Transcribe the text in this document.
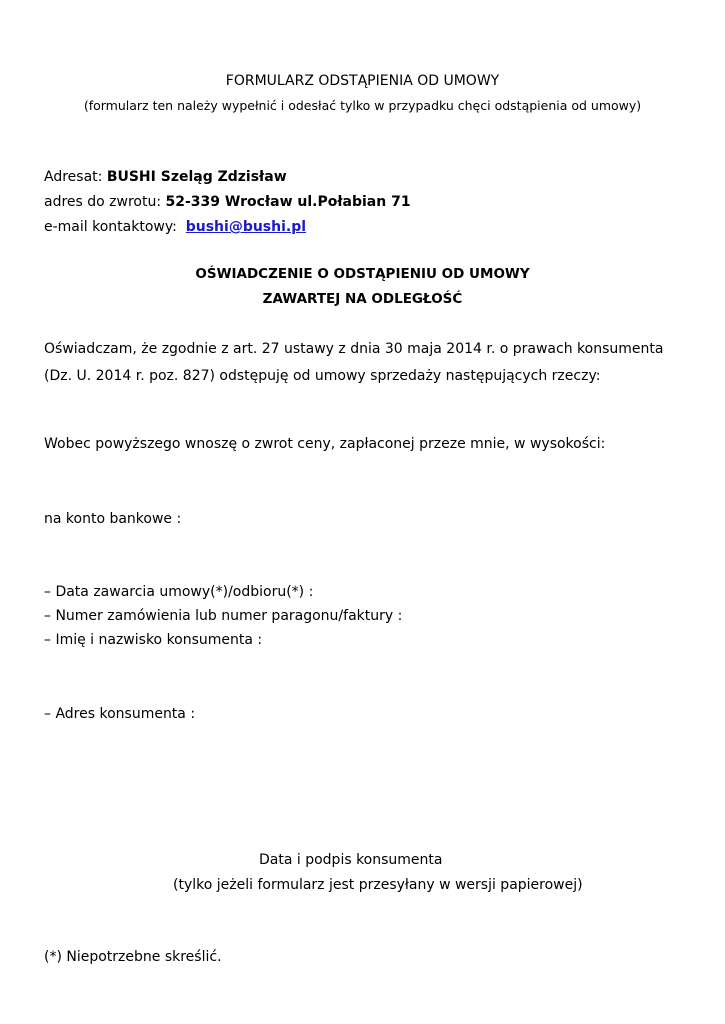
FORMULARZ ODSTĄPIENIA OD UMOWY
(formularz ten należy wypełnić i odesłać tylko w przypadku chęci odstąpienia od umowy)
Adresat: BUSHI Szeląg Zdzisław
adres do zwrotu: 52-339 Wrocław ul.Połabian 71
e-mail kontaktowy:  bushi@bushi.pl
OŚWIADCZENIE O ODSTĄPIENIU OD UMOWY
ZAWARTEJ NA ODLEGŁOŚĆ
Oświadczam, że zgodnie z art. 27 ustawy z dnia 30 maja 2014 r. o prawach konsumenta (Dz. U. 2014 r. poz. 827) odstępuję od umowy sprzedaży następujących rzeczy:
Wobec powyższego wnoszę o zwrot ceny, zapłaconej przeze mnie, w wysokości:
na konto bankowe :
– Data zawarcia umowy(*)/odbioru(*) :
– Numer zamówienia lub numer paragonu/faktury :
– Imię i nazwisko konsumenta :
– Adres konsumenta :
Data i podpis konsumenta
(tylko jeżeli formularz jest przesyłany w wersji papierowej)
(*) Niepotrzebne skreślić.
